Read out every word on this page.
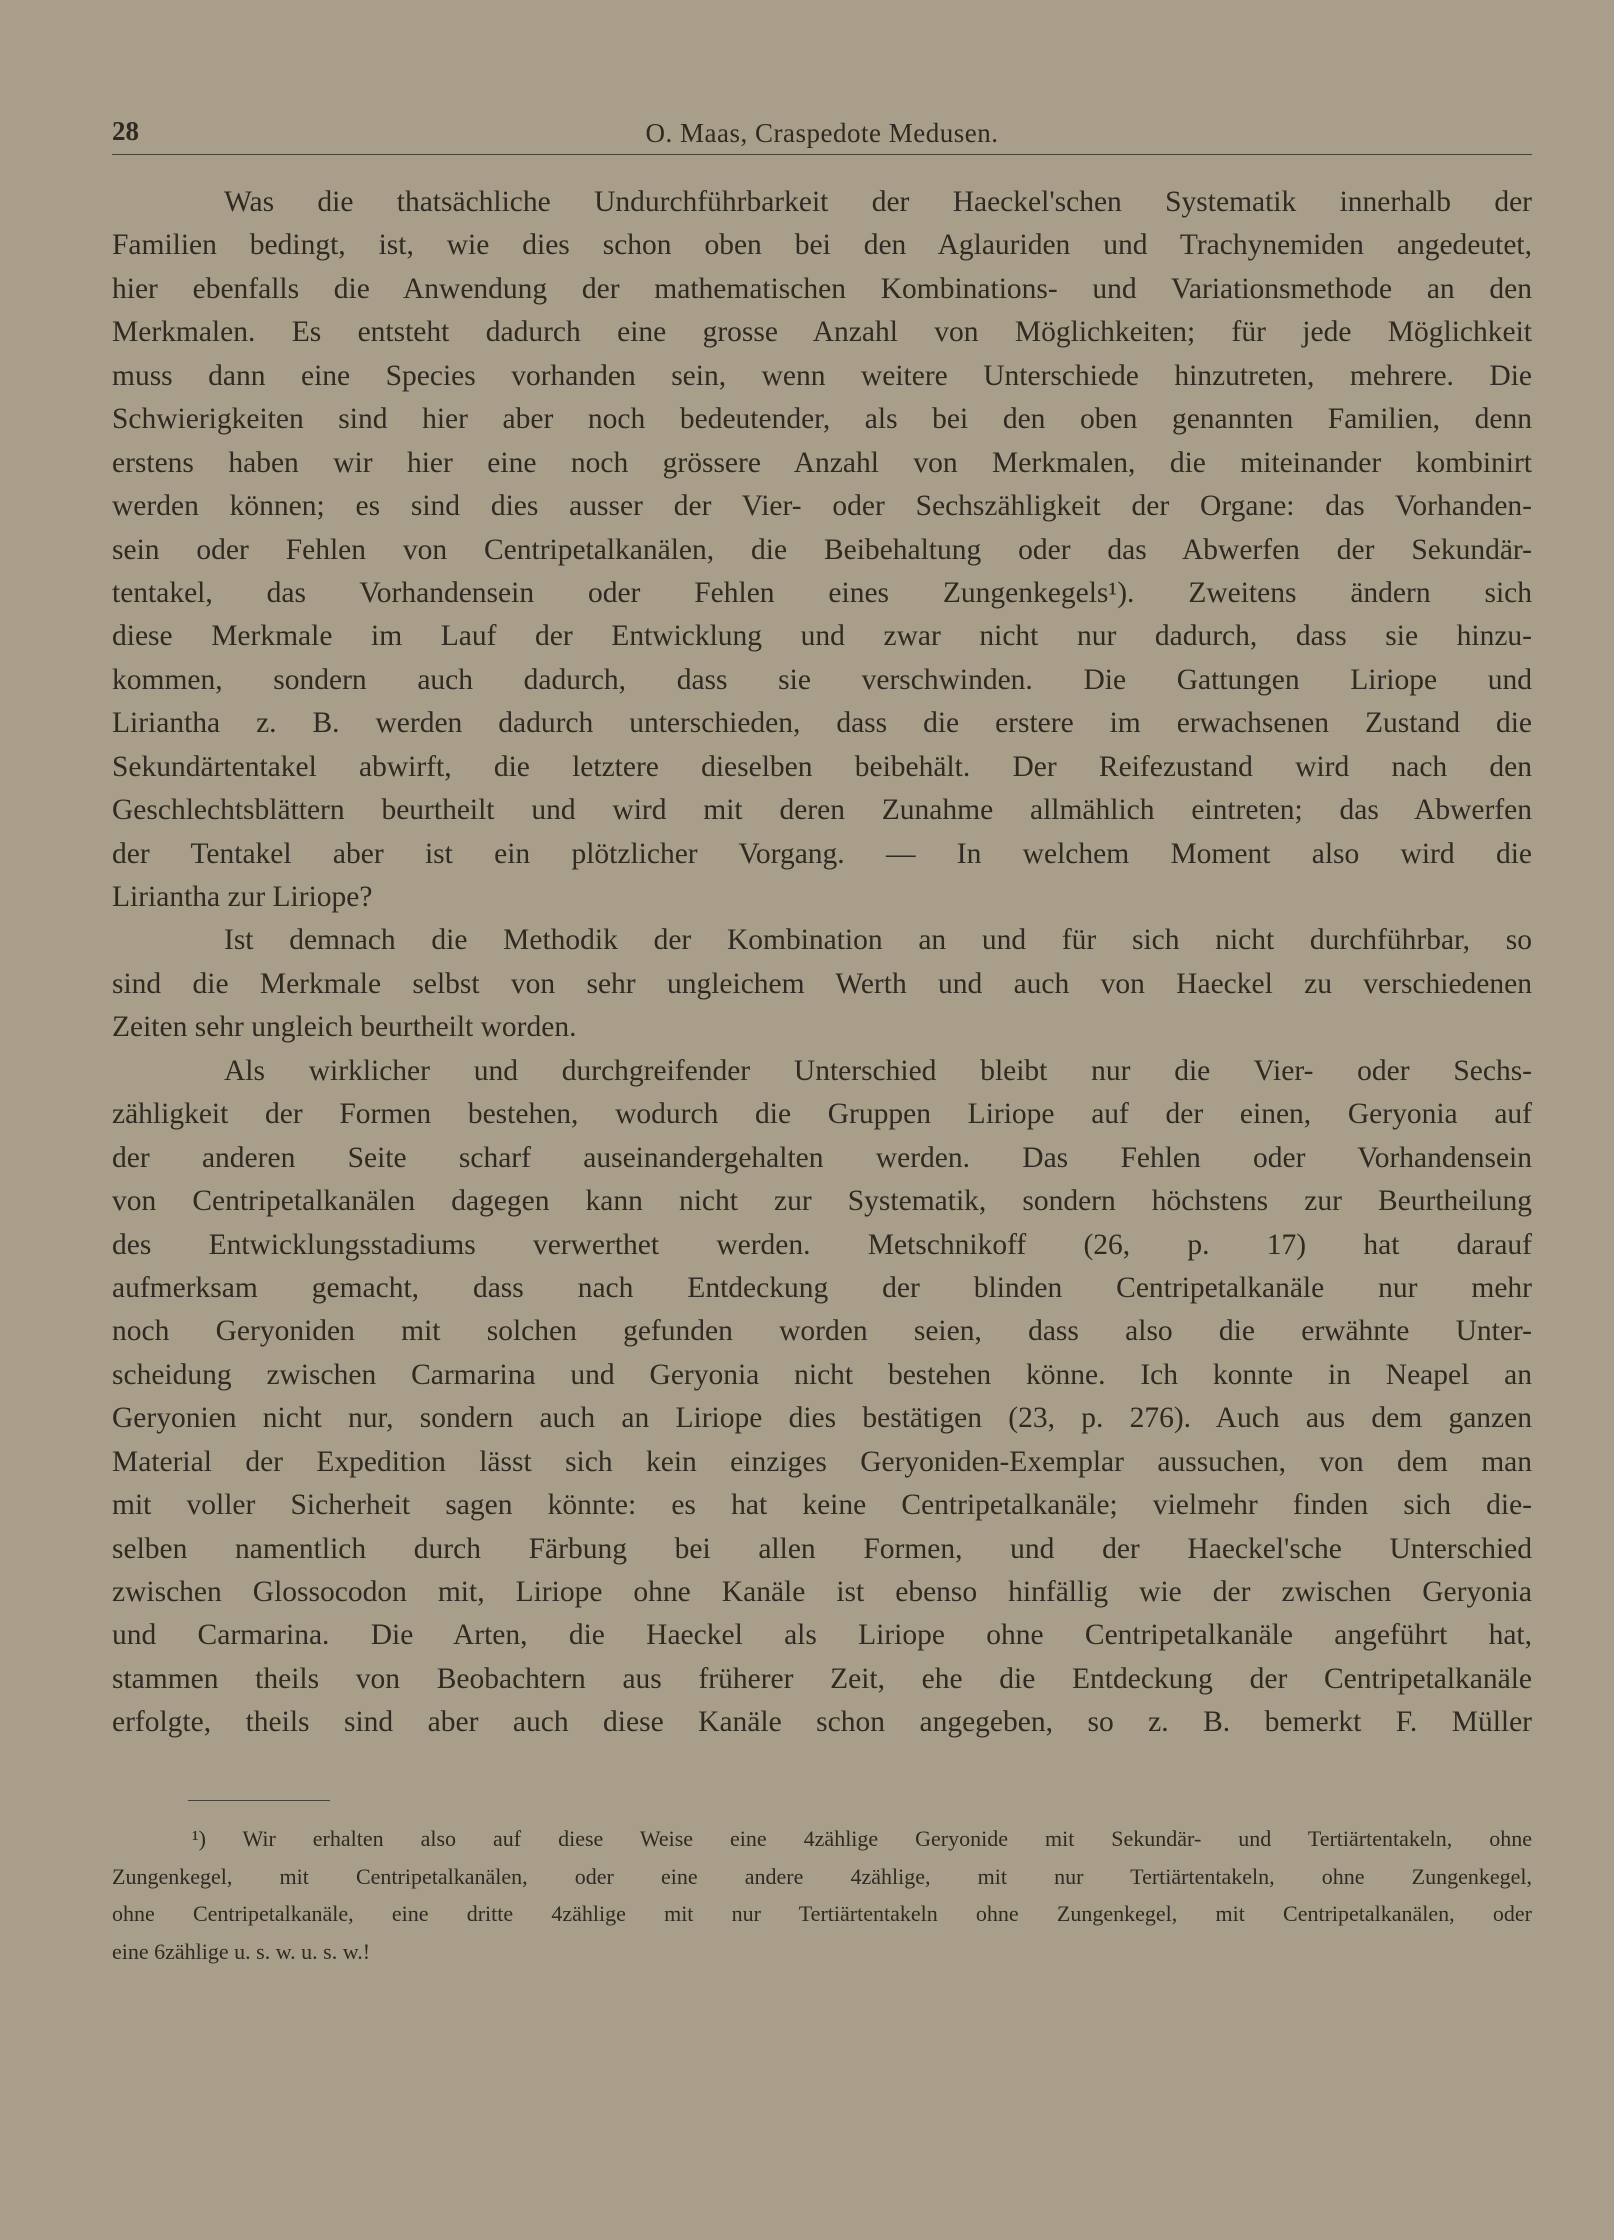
28	O. Maas, Craspedote Medusen.
Was die thatsächliche Undurchführbarkeit der Haeckel'schen Systematik innerhalb der
Familien bedingt, ist, wie dies schon oben bei den Aglauriden und Trachynemiden angedeutet,
hier ebenfalls die Anwendung der mathematischen Kombinations- und Variationsmethode an den
Merkmalen. Es entsteht dadurch eine grosse Anzahl von Möglichkeiten; für jede Möglichkeit
muss dann eine Species vorhanden sein, wenn weitere Unterschiede hinzutreten, mehrere. Die
Schwierigkeiten sind hier aber noch bedeutender, als bei den oben genannten Familien, denn
erstens haben wir hier eine noch grössere Anzahl von Merkmalen, die miteinander kombinirt
werden können; es sind dies ausser der Vier- oder Sechszähligkeit der Organe: das Vorhanden-
sein oder Fehlen von Centripetalkanälen, die Beibehaltung oder das Abwerfen der Sekundär-
tentakel, das Vorhandensein oder Fehlen eines Zungenkegels¹). Zweitens ändern sich
diese Merkmale im Lauf der Entwicklung und zwar nicht nur dadurch, dass sie hinzu-
kommen, sondern auch dadurch, dass sie verschwinden. Die Gattungen Liriope und
Liriantha z. B. werden dadurch unterschieden, dass die erstere im erwachsenen Zustand die
Sekundärtentakel abwirft, die letztere dieselben beibehält. Der Reifezustand wird nach den
Geschlechtsblättern beurtheilt und wird mit deren Zunahme allmählich eintreten; das Abwerfen
der Tentakel aber ist ein plötzlicher Vorgang. — In welchem Moment also wird die
Liriantha zur Liriope?
Ist demnach die Methodik der Kombination an und für sich nicht durchführbar, so
sind die Merkmale selbst von sehr ungleichem Werth und auch von Haeckel zu verschiedenen
Zeiten sehr ungleich beurtheilt worden.
Als wirklicher und durchgreifender Unterschied bleibt nur die Vier- oder Sechs-
zähligkeit der Formen bestehen, wodurch die Gruppen Liriope auf der einen, Geryonia auf
der anderen Seite scharf auseinandergehalten werden. Das Fehlen oder Vorhandensein
von Centripetalkanälen dagegen kann nicht zur Systematik, sondern höchstens zur Beurtheilung
des Entwicklungsstadiums verwerthet werden. Metschnikoff (26, p. 17) hat darauf
aufmerksam gemacht, dass nach Entdeckung der blinden Centripetalkanäle nur mehr
noch Geryoniden mit solchen gefunden worden seien, dass also die erwähnte Unter-
scheidung zwischen Carmarina und Geryonia nicht bestehen könne. Ich konnte in Neapel an
Geryonien nicht nur, sondern auch an Liriope dies bestätigen (23, p. 276). Auch aus dem ganzen
Material der Expedition lässt sich kein einziges Geryoniden-Exemplar aussuchen, von dem man
mit voller Sicherheit sagen könnte: es hat keine Centripetalkanäle; vielmehr finden sich die-
selben namentlich durch Färbung bei allen Formen, und der Haeckel'sche Unterschied
zwischen Glossocodon mit, Liriope ohne Kanäle ist ebenso hinfällig wie der zwischen Geryonia
und Carmarina. Die Arten, die Haeckel als Liriope ohne Centripetalkanäle angeführt hat,
stammen theils von Beobachtern aus früherer Zeit, ehe die Entdeckung der Centripetalkanäle
erfolgte, theils sind aber auch diese Kanäle schon angegeben, so z. B. bemerkt F. Müller
¹) Wir erhalten also auf diese Weise eine 4zählige Geryonide mit Sekundär- und Tertiärtentakeln, ohne
Zungenkegel, mit Centripetalkanälen, oder eine andere 4zählige, mit nur Tertiärtentakeln, ohne Zungenkegel,
ohne Centripetalkanäle, eine dritte 4zählige mit nur Tertiärtentakeln ohne Zungenkegel, mit Centripetalkanälen, oder
eine 6zählige u. s. w. u. s. w.!
